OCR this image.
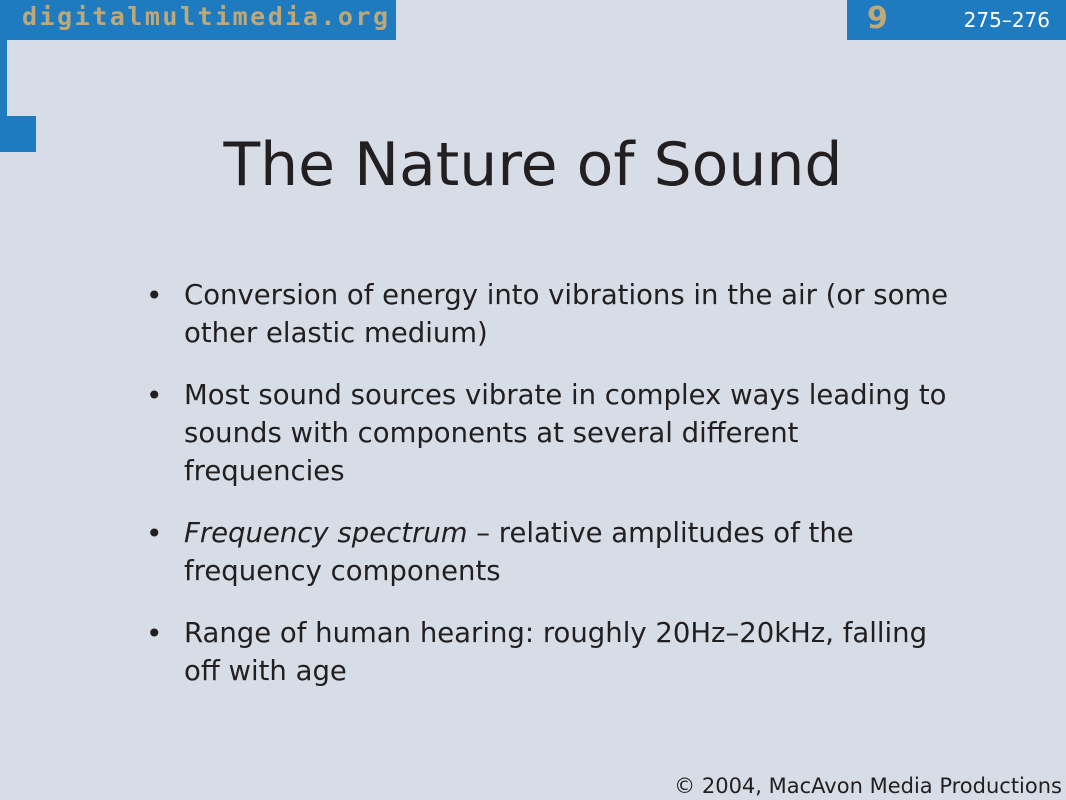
digitalmultimedia.org	9	275–276
The Nature of Sound
• Conversion of energy into vibrations in the air (or some other elastic medium)
• Most sound sources vibrate in complex ways leading to sounds with components at several different frequencies
• Frequency spectrum – relative amplitudes of the frequency components
• Range of human hearing: roughly 20Hz–20kHz, falling off with age
© 2004, MacAvon Media Productions
